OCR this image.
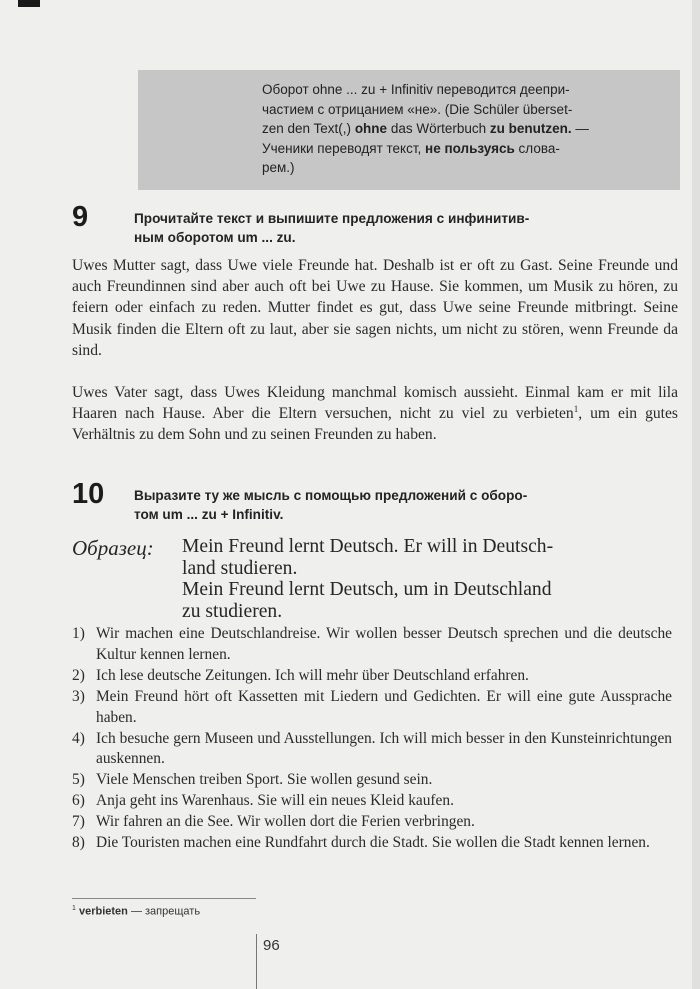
Оборот ohne ... zu + Infinitiv переводится деепри-
частием с отрицанием «не». (Die Schüler überset-
zen den Text(,) ohne das Wörterbuch zu benutzen. —
Ученики переводят текст, не пользуясь слова-
рем.)
9	Прочитайте текст и выпишите предложения с инфинитив-
ным оборотом um ... zu.
Uwes Mutter sagt, dass Uwe viele Freunde hat. Deshalb ist er oft zu Gast. Seine Freunde und auch Freundinnen sind aber auch oft bei Uwe zu Hause. Sie kommen, um Musik zu hören, zu feiern oder einfach zu reden. Mutter findet es gut, dass Uwe seine Freunde mitbringt. Seine Musik finden die Eltern oft zu laut, aber sie sagen nichts, um nicht zu stören, wenn Freunde da sind.
Uwes Vater sagt, dass Uwes Kleidung manchmal komisch aussieht. Einmal kam er mit lila Haaren nach Hause. Aber die Eltern versuchen, nicht zu viel zu verbieten$^1$, um ein gutes Verhältnis zu dem Sohn und zu seinen Freunden zu haben.
10 Выразите ту же мысль с помощью предложений с оборо-
том um ... zu + Infinitiv.
Образец: Mein Freund lernt Deutsch. Er will in Deutsch-
land studieren.
Mein Freund lernt Deutsch, um in Deutschland
zu studieren.
1) Wir machen eine Deutschlandreise. Wir wollen besser Deutsch sprechen und die deutsche Kultur kennen lernen.
2) Ich lese deutsche Zeitungen. Ich will mehr über Deutschland erfahren.
3) Mein Freund hört oft Kassetten mit Liedern und Gedichten. Er will eine gute Aussprache haben.
4) Ich besuche gern Museen und Ausstellungen. Ich will mich besser in den Kunsteinrichtungen auskennen.
5) Viele Menschen treiben Sport. Sie wollen gesund sein.
6) Anja geht ins Warenhaus. Sie will ein neues Kleid kaufen.
7) Wir fahren an die See. Wir wollen dort die Ferien verbringen.
8) Die Touristen machen eine Rundfahrt durch die Stadt. Sie wollen die Stadt kennen lernen.
$^1$ verbieten — запрещать
96
